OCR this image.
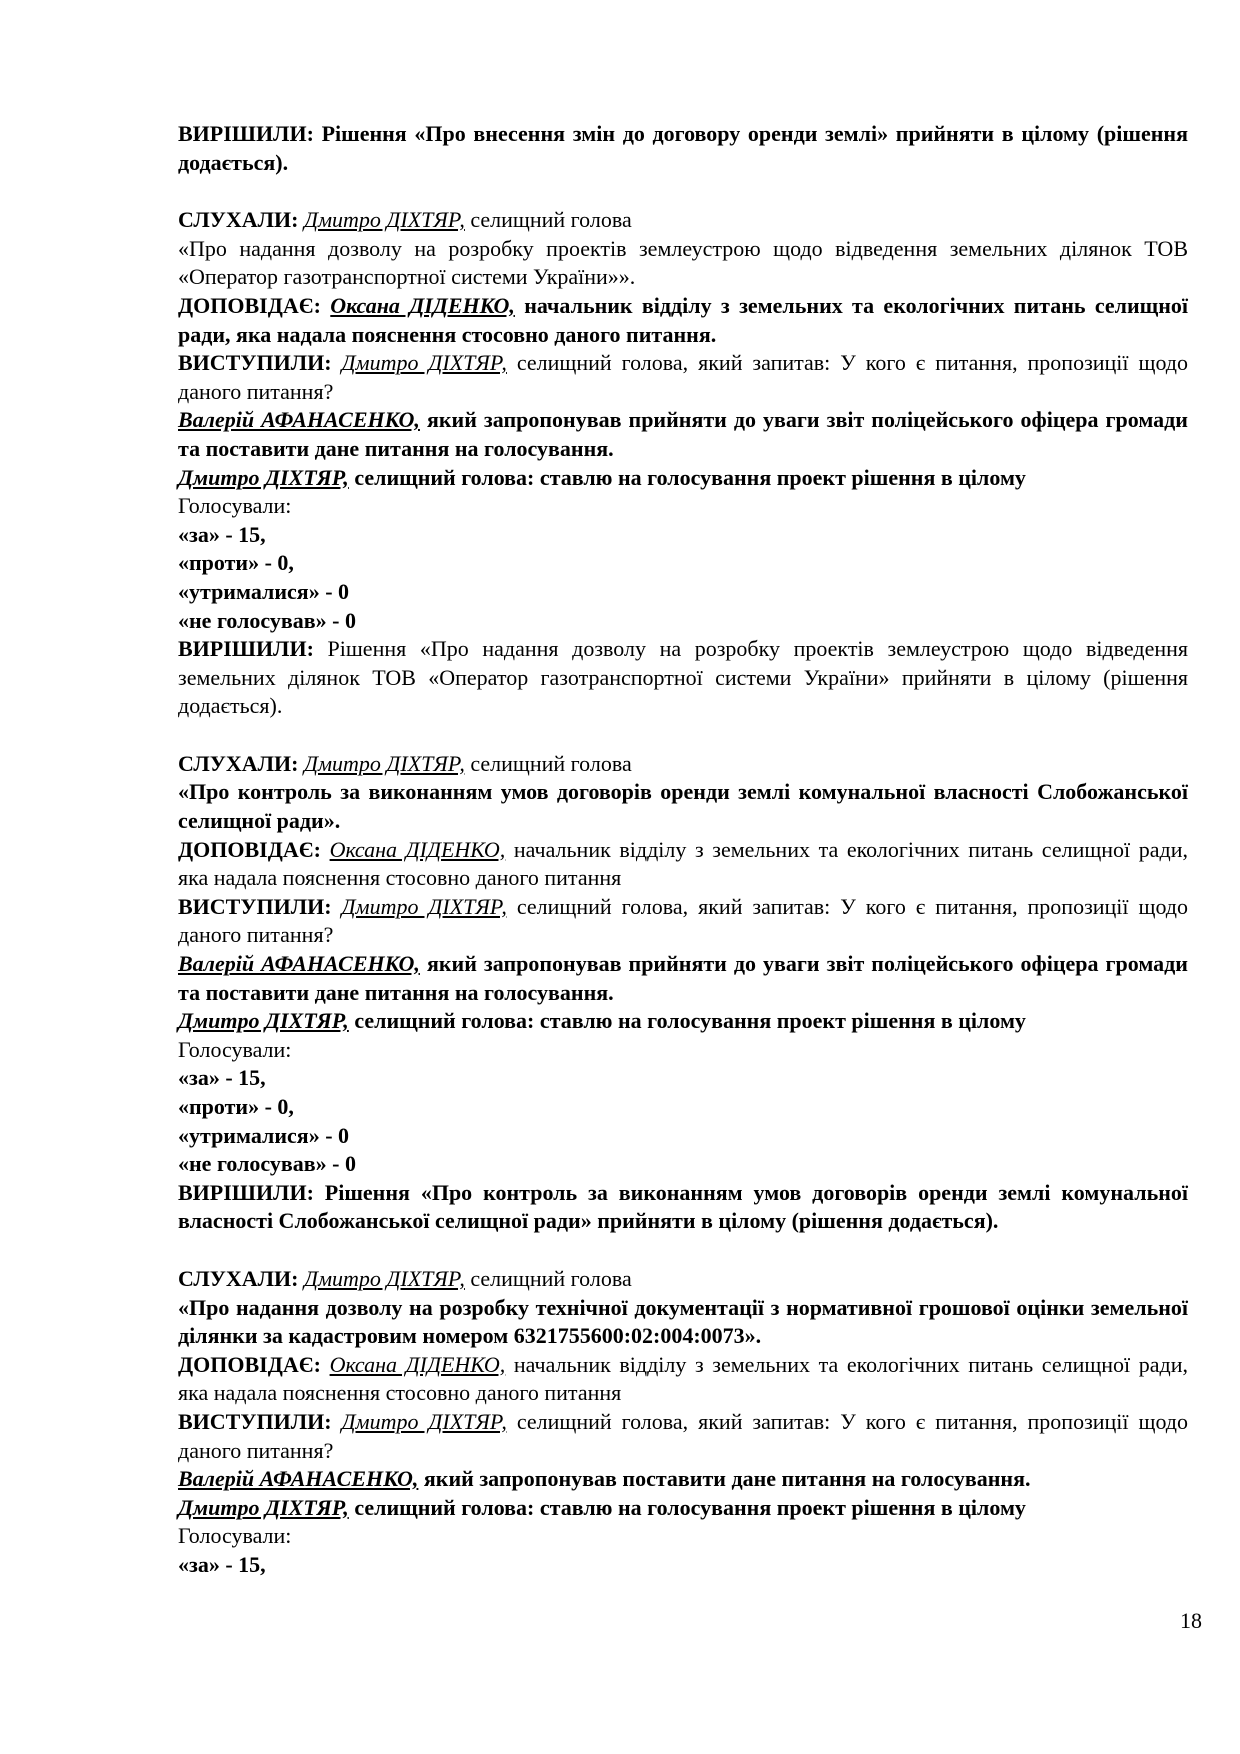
ВИРІШИЛИ: Рішення «Про внесення змін до договору оренди землі» прийняти в цілому (рішення додається).

СЛУХАЛИ: Дмитро ДІХТЯР, селищний голова

«Про надання дозволу на розробку проектів землеустрою щодо відведення земельних ділянок ТОВ «Оператор газотранспортної системи України»».

ДОПОВІДАЄ: Оксана ДІДЕНКО, начальник відділу з земельних та екологічних питань селищної ради, яка надала пояснення стосовно даного питання.

ВИСТУПИЛИ: Дмитро ДІХТЯР, селищний голова, який запитав: У кого є питання, пропозиції щодо даного питання?

Валерій АФАНАСЕНКО, який запропонував прийняти до уваги звіт поліцейського офіцера громади та поставити дане питання на голосування.

Дмитро ДІХТЯР, селищний голова: ставлю на голосування проект рішення в цілому

Голосували:

«за» - 15,

«проти» - 0,

«утрималися» - 0

«не голосував» - 0

ВИРІШИЛИ: Рішення «Про надання дозволу на розробку проектів землеустрою щодо відведення земельних ділянок ТОВ «Оператор газотранспортної системи України» прийняти в цілому (рішення додається).

СЛУХАЛИ: Дмитро ДІХТЯР, селищний голова

«Про контроль за виконанням умов договорів оренди землі комунальної власності Слобожанської селищної ради».

ДОПОВІДАЄ: Оксана ДІДЕНКО, начальник відділу з земельних та екологічних питань селищної ради, яка надала пояснення стосовно даного питання

ВИСТУПИЛИ: Дмитро ДІХТЯР, селищний голова, який запитав: У кого є питання, пропозиції щодо даного питання?

Валерій АФАНАСЕНКО, який запропонував прийняти до уваги звіт поліцейського офіцера громади та поставити дане питання на голосування.

Дмитро ДІХТЯР, селищний голова: ставлю на голосування проект рішення в цілому

Голосували:

«за» - 15,

«проти» - 0,

«утрималися» - 0

«не голосував» - 0

ВИРІШИЛИ: Рішення «Про контроль за виконанням умов договорів оренди землі комунальної власності Слобожанської селищної ради» прийняти в цілому (рішення додається).

СЛУХАЛИ: Дмитро ДІХТЯР, селищний голова

«Про надання дозволу на розробку технічної документації з нормативної грошової оцінки земельної ділянки за кадастровим номером 6321755600:02:004:0073».

ДОПОВІДАЄ: Оксана ДІДЕНКО, начальник відділу з земельних та екологічних питань селищної ради, яка надала пояснення стосовно даного питання

ВИСТУПИЛИ: Дмитро ДІХТЯР, селищний голова, який запитав: У кого є питання, пропозиції щодо даного питання?

Валерій АФАНАСЕНКО, який запропонував поставити дане питання на голосування.

Дмитро ДІХТЯР, селищний голова: ставлю на голосування проект рішення в цілому

Голосували:

«за» - 15,

18
